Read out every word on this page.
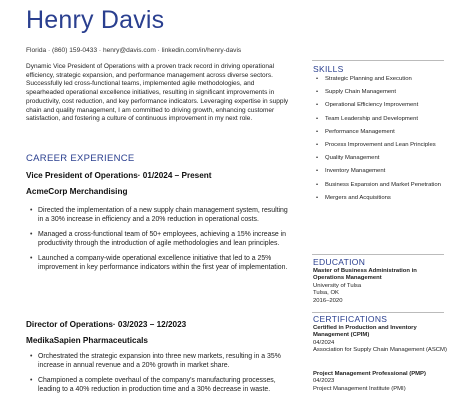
Henry Davis
Florida · (860) 159-0433 · henry@davis.com · linkedin.com/in/henry-davis
Dynamic Vice President of Operations with a proven track record in driving operational efficiency, strategic expansion, and performance management across diverse sectors. Successfully led cross-functional teams, implemented agile methodologies, and spearheaded operational excellence initiatives, resulting in significant improvements in productivity, cost reduction, and key performance indicators. Leveraging expertise in supply chain and quality management, I am committed to driving growth, enhancing customer satisfaction, and fostering a culture of continuous improvement in my next role.
CAREER EXPERIENCE
Vice President of Operations· 01/2024 – Present
AcmeCorp Merchandising
• Directed the implementation of a new supply chain management system, resulting in a 30% increase in efficiency and a 20% reduction in operational costs.
• Managed a cross-functional team of 50+ employees, achieving a 15% increase in productivity through the introduction of agile methodologies and lean principles.
• Launched a company-wide operational excellence initiative that led to a 25% improvement in key performance indicators within the first year of implementation.
Director of Operations· 03/2023 – 12/2023
MedikaSapien Pharmaceuticals
• Orchestrated the strategic expansion into three new markets, resulting in a 35% increase in annual revenue and a 20% growth in market share.
• Championed a complete overhaul of the company's manufacturing processes, leading to a 40% reduction in production time and a 30% decrease in waste.
SKILLS
• Strategic Planning and Execution
• Supply Chain Management
• Operational Efficiency Improvement
• Team Leadership and Development
• Performance Management
• Process Improvement and Lean Principles
• Quality Management
• Inventory Management
• Business Expansion and Market Penetration
• Mergers and Acquisitions
EDUCATION
Master of Business Administration in Operations Management
University of Tulsa
Tulsa, OK
2016–2020
CERTIFICATIONS
Certified in Production and Inventory Management (CPIM)
04/2024
Association for Supply Chain Management (ASCM)
Project Management Professional (PMP)
04/2023
Project Management Institute (PMI)
